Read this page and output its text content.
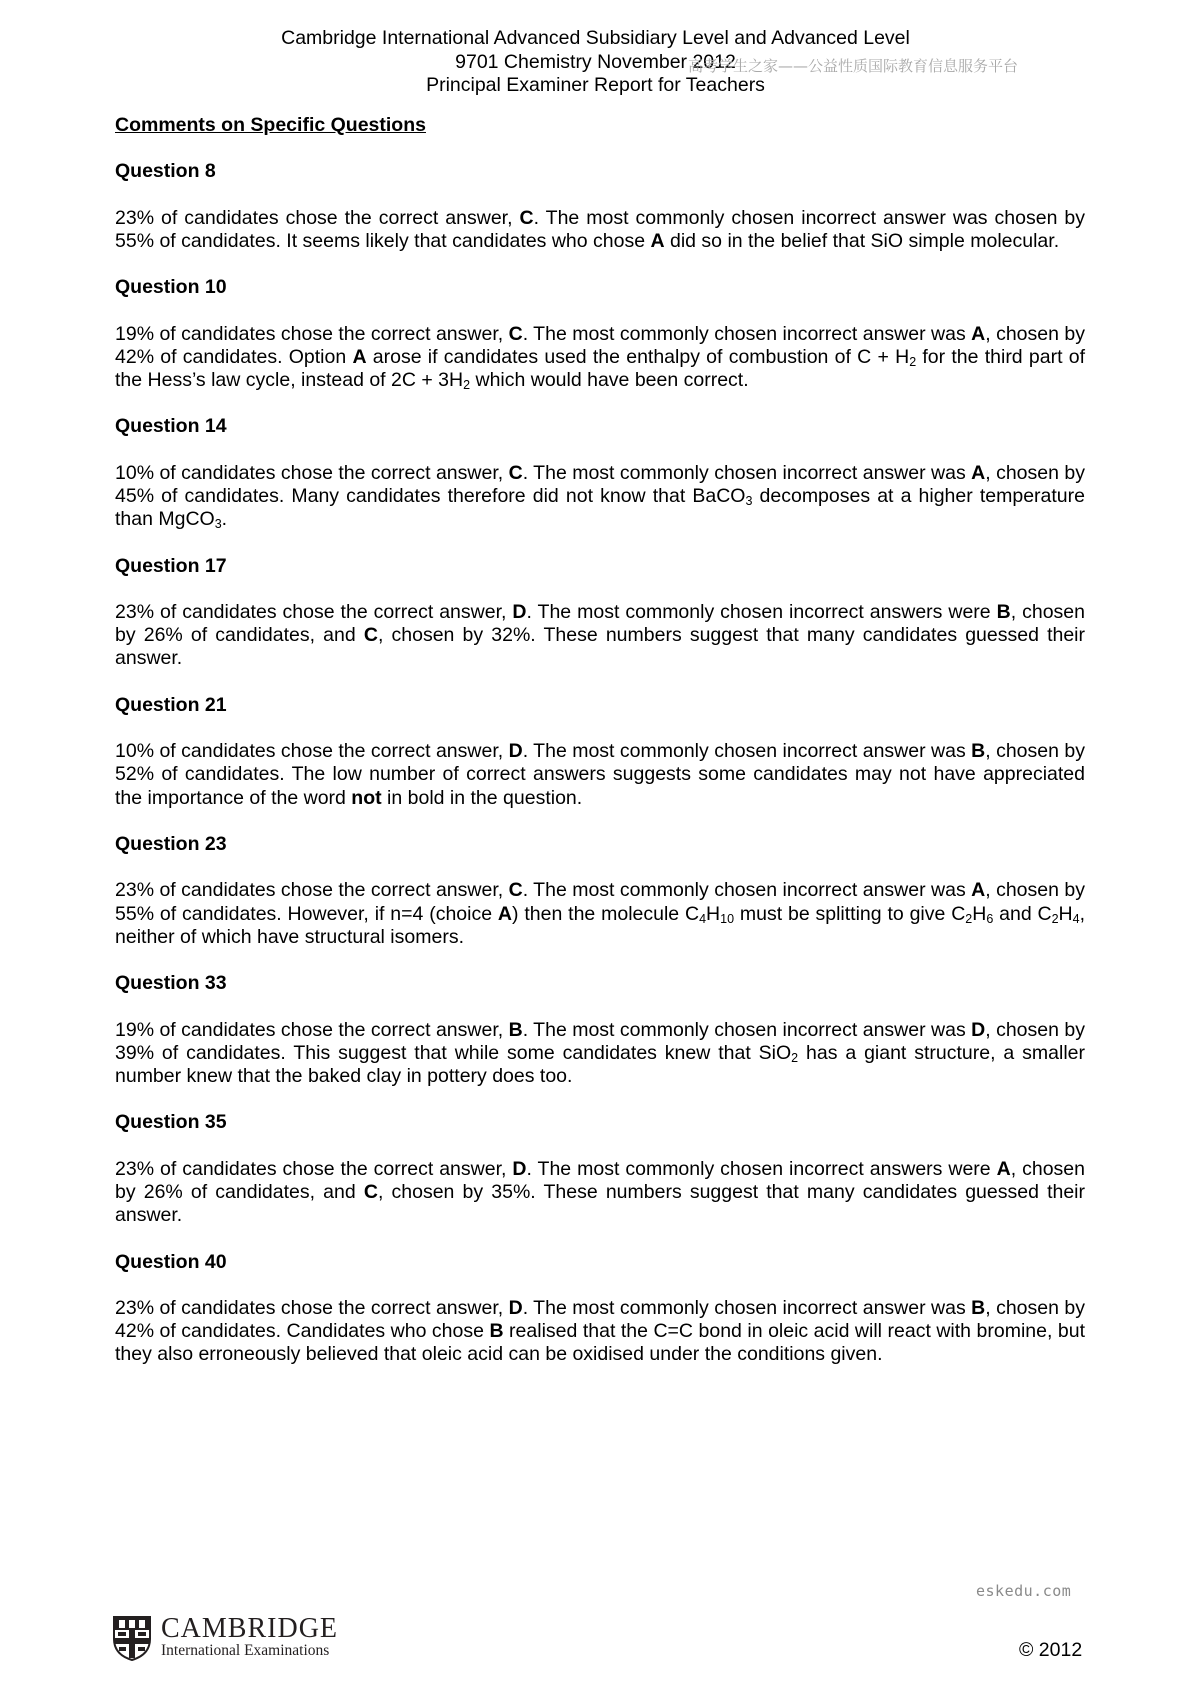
Cambridge International Advanced Subsidiary Level and Advanced Level
9701 Chemistry November 2012
Principal Examiner Report for Teachers
高考学生之家——公益性质国际教育信息服务平台
Comments on Specific Questions
Question 8
23% of candidates chose the correct answer, C. The most commonly chosen incorrect answer was chosen by 55% of candidates. It seems likely that candidates who chose A did so in the belief that SiO simple molecular.
Question 10
19% of candidates chose the correct answer, C. The most commonly chosen incorrect answer was A, chosen by 42% of candidates. Option A arose if candidates used the enthalpy of combustion of $C + H_2$ for the third part of the Hess’s law cycle, instead of $2C + 3H_2$ which would have been correct.
Question 14
10% of candidates chose the correct answer, C. The most commonly chosen incorrect answer was A, chosen by 45% of candidates. Many candidates therefore did not know that BaCO$_3$ decomposes at a higher temperature than MgCO$_3$.
Question 17
23% of candidates chose the correct answer, D. The most commonly chosen incorrect answers were B, chosen by 26% of candidates, and C, chosen by 32%. These numbers suggest that many candidates guessed their answer.
Question 21
10% of candidates chose the correct answer, D. The most commonly chosen incorrect answer was B, chosen by 52% of candidates. The low number of correct answers suggests some candidates may not have appreciated the importance of the word not in bold in the question.
Question 23
23% of candidates chose the correct answer, C. The most commonly chosen incorrect answer was A, chosen by 55% of candidates. However, if n=4 (choice A) then the molecule $C_4H_{10}$ must be splitting to give $C_2H_6$ and $C_2H_4$, neither of which have structural isomers.
Question 33
19% of candidates chose the correct answer, B. The most commonly chosen incorrect answer was D, chosen by 39% of candidates. This suggest that while some candidates knew that SiO$_2$ has a giant structure, a smaller number knew that the baked clay in pottery does too.
Question 35
23% of candidates chose the correct answer, D. The most commonly chosen incorrect answers were A, chosen by 26% of candidates, and C, chosen by 35%. These numbers suggest that many candidates guessed their answer.
Question 40
23% of candidates chose the correct answer, D. The most commonly chosen incorrect answer was B, chosen by 42% of candidates. Candidates who chose B realised that the C=C bond in oleic acid will react with bromine, but they also erroneously believed that oleic acid can be oxidised under the conditions given.
eskedu.com
CAMBRIDGE
International Examinations	© 2012
